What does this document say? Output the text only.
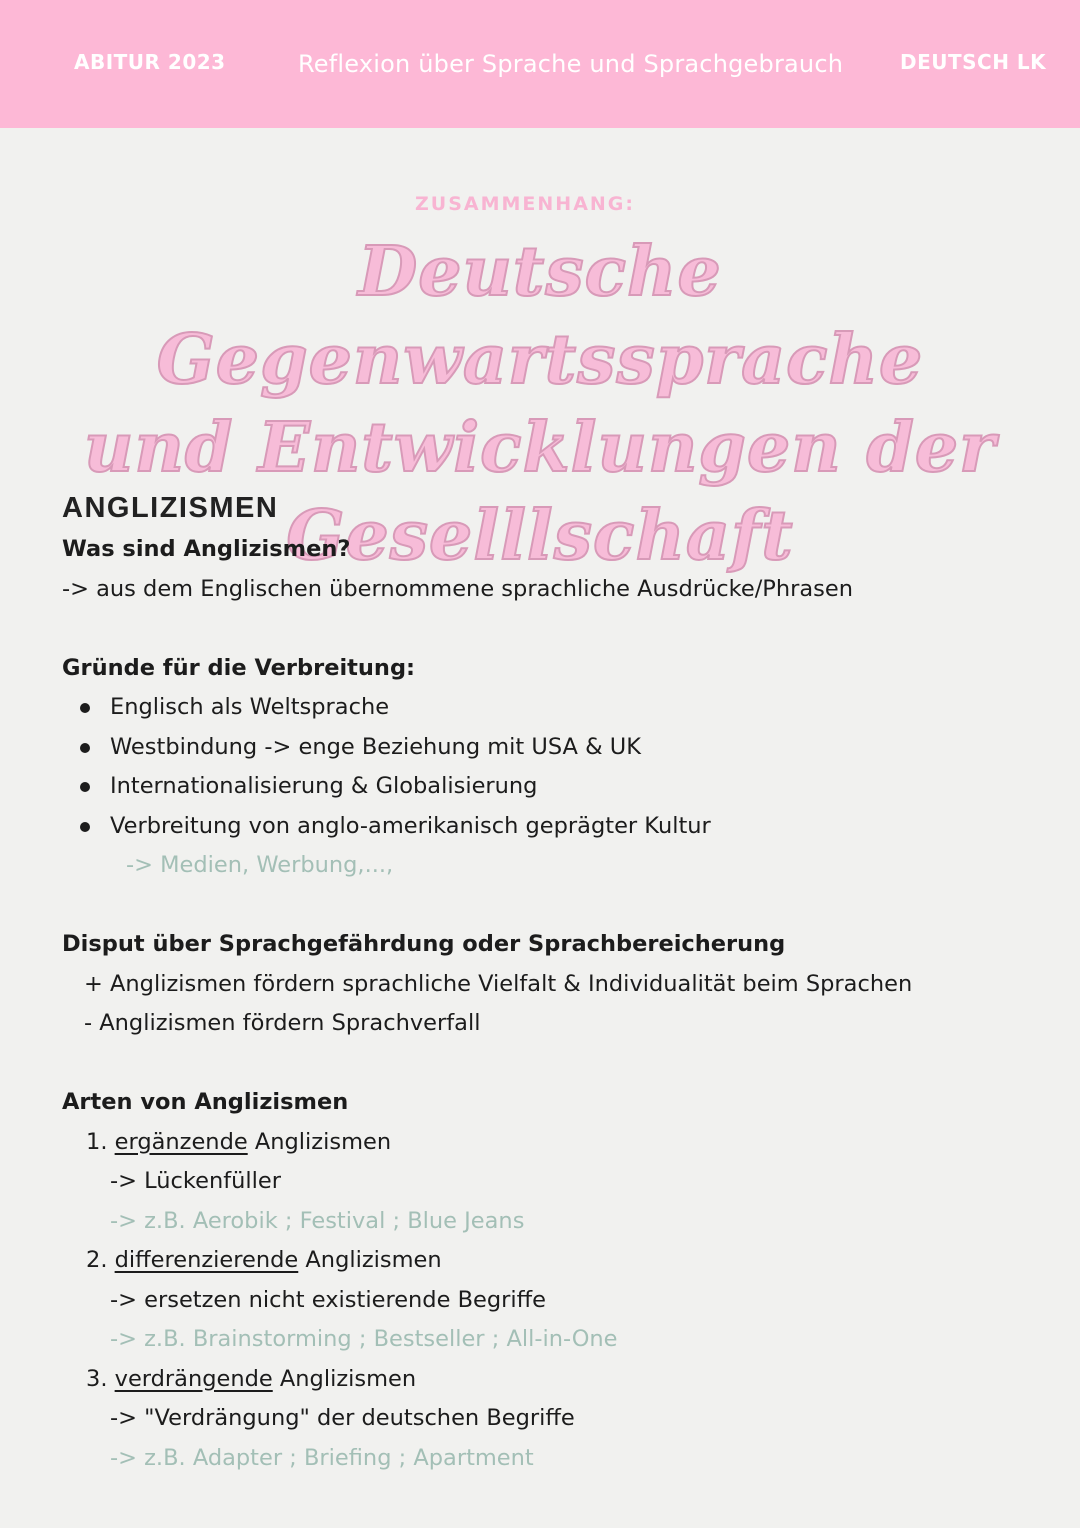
ABITUR 2023	Reflexion über Sprache und Sprachgebrauch	DEUTSCH LK
ZUSAMMENHANG:
Deutsche Gegenwartssprache
und Entwicklungen der
Geselllschaft
ANGLIZISMEN
Was sind Anglizismen?
-> aus dem Englischen übernommene sprachliche Ausdrücke/Phrasen
Gründe für die Verbreitung:
Englisch als Weltsprache
Westbindung -> enge Beziehung mit USA & UK
Internationalisierung & Globalisierung
Verbreitung von anglo-amerikanisch geprägter Kultur
-> Medien, Werbung,...,
Disput über Sprachgefährdung oder Sprachbereicherung
+ Anglizismen fördern sprachliche Vielfalt & Individualität beim Sprachen
- Anglizismen fördern Sprachverfall
Arten von Anglizismen
1. ergänzende Anglizismen
-> Lückenfüller
-> z.B. Aerobik ; Festival ; Blue Jeans
2. differenzierende Anglizismen
-> ersetzen nicht existierende Begriffe
-> z.B. Brainstorming ; Bestseller ; All-in-One
3. verdrängende Anglizismen
-> "Verdrängung" der deutschen Begriffe
-> z.B. Adapter ; Briefing ; Apartment
